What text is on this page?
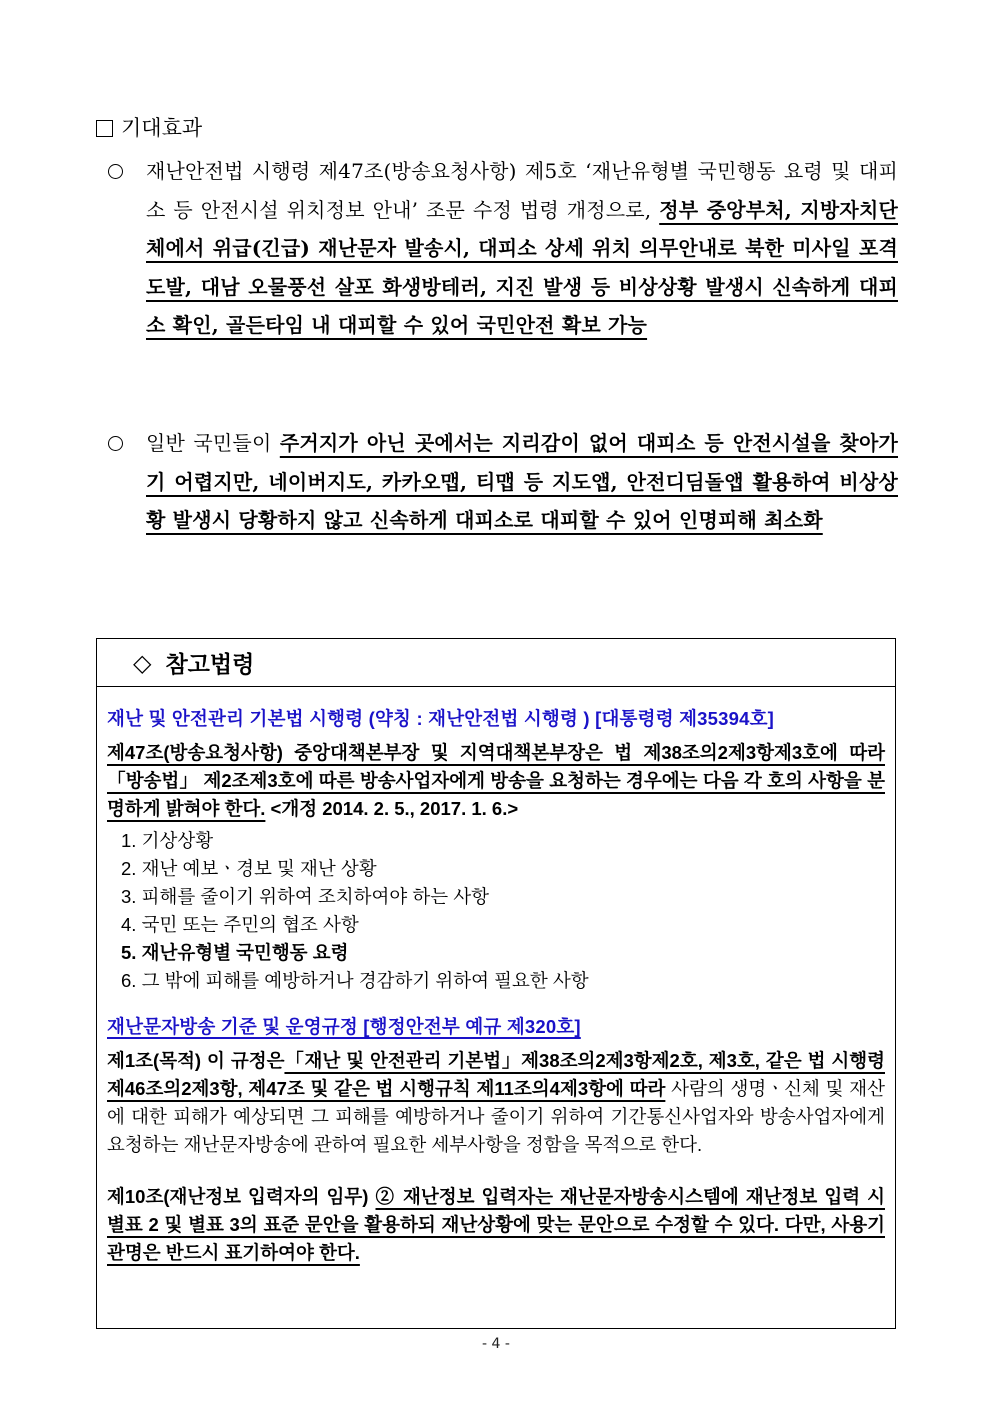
기대효과
재난안전법 시행령 제47조(방송요청사항) 제5호 ‘재난유형별 국민행동 요령 및 대피소 등 안전시설 위치정보 안내’ 조문 수정 법령 개정으로, 정부 중앙부처, 지방자치단체에서 위급(긴급) 재난문자 발송시, 대피소 상세 위치 의무안내로 북한 미사일 포격 도발, 대남 오물풍선 살포 화생방테러, 지진 발생 등 비상상황 발생시 신속하게 대피소 확인, 골든타임 내 대피할 수 있어 국민안전 확보 가능
일반 국민들이 주거지가 아닌 곳에서는 지리감이 없어 대피소 등 안전시설을 찾아가기 어렵지만, 네이버지도, 카카오맵, 티맵 등 지도앱, 안전디딤돌앱 활용하여 비상상황 발생시 당황하지 않고 신속하게 대피소로 대피할 수 있어 인명피해 최소화
◇ 참고법령
재난 및 안전관리 기본법 시행령 (약칭 : 재난안전법 시행령 ) [대통령령 제35394호]
제47조(방송요청사항) 중앙대책본부장 및 지역대책본부장은 법 제38조의2제3항제3호에 따라 「방송법」 제2조제3호에 따른 방송사업자에게 방송을 요청하는 경우에는 다음 각 호의 사항을 분명하게 밝혀야 한다. <개정 2014. 2. 5., 2017. 1. 6.>
1. 기상상황
2. 재난 예보ㆍ경보 및 재난 상황
3. 피해를 줄이기 위하여 조치하여야 하는 사항
4. 국민 또는 주민의 협조 사항
5. 재난유형별 국민행동 요령
6. 그 밖에 피해를 예방하거나 경감하기 위하여 필요한 사항
재난문자방송 기준 및 운영규정 [행정안전부 예규 제320호]
제1조(목적) 이 규정은「재난 및 안전관리 기본법」제38조의2제3항제2호, 제3호, 같은 법 시행령 제46조의2제3항, 제47조 및 같은 법 시행규칙 제11조의4제3항에 따라 사람의 생명ㆍ신체 및 재산에 대한 피해가 예상되면 그 피해를 예방하거나 줄이기 위하여 기간통신사업자와 방송사업자에게 요청하는 재난문자방송에 관하여 필요한 세부사항을 정함을 목적으로 한다.
제10조(재난정보 입력자의 임무) ② 재난정보 입력자는 재난문자방송시스템에 재난정보 입력 시 별표 2 및 별표 3의 표준 문안을 활용하되 재난상황에 맞는 문안으로 수정할 수 있다. 다만, 사용기관명은 반드시 표기하여야 한다.
- 4 -
